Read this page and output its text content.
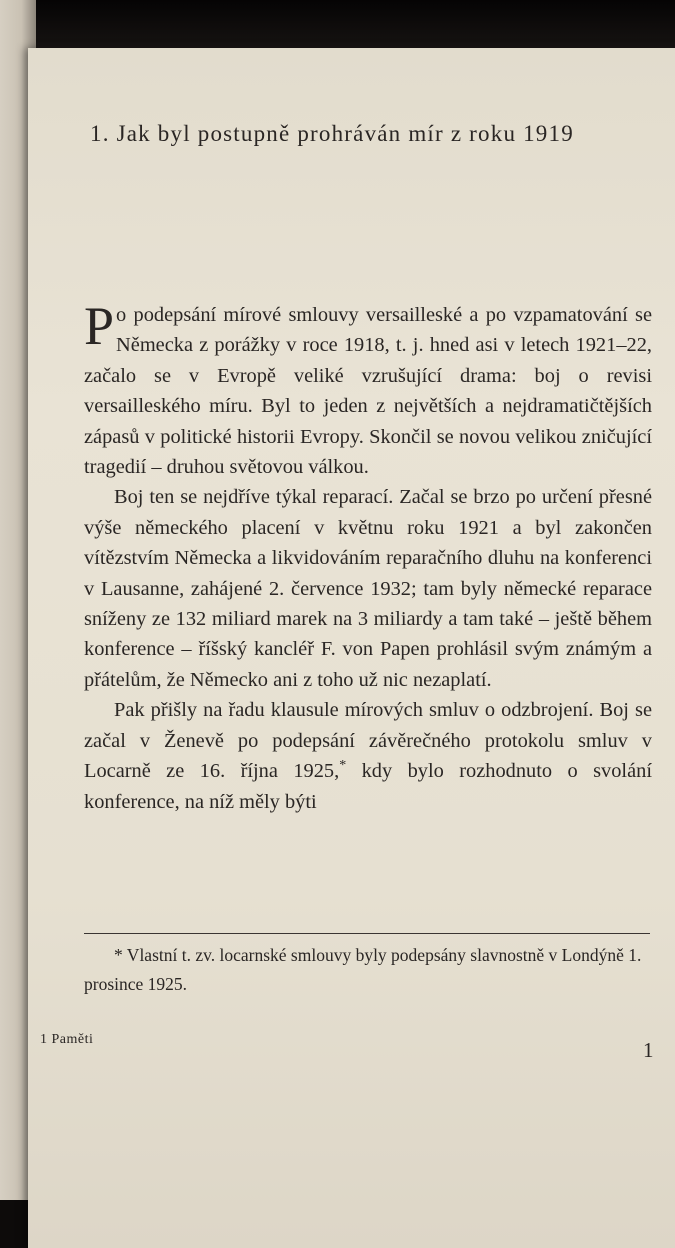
1. Jak byl postupně prohráván mír z roku 1919

Po podepsání mírové smlouvy versailleské a po vzpamatování se Německa z porážky v roce 1918, t. j. hned asi v letech 1921–22, začalo se v Evropě veliké vzrušující drama: boj o revisi versailleského míru. Byl to jeden z největších a nejdramatičtějších zápasů v politické historii Evropy. Skončil se novou velikou zničující tragedií – druhou světovou válkou.

Boj ten se nejdříve týkal reparací. Začal se brzo po určení přesné výše německého placení v květnu roku 1921 a byl zakončen vítězstvím Německa a likvidováním reparačního dluhu na konferenci v Lausanne, zahájené 2. července 1932; tam byly německé reparace sníženy ze 132 miliard marek na 3 miliardy a tam také – ještě během konference – říšský kancléř F. von Papen prohlásil svým známým a přátelům, že Německo ani z toho už nic nezaplatí.

Pak přišly na řadu klausule mírových smluv o odzbrojení. Boj se začal v Ženevě po podepsání závěrečného protokolu smluv v Locarně ze 16. října 1925,* kdy bylo rozhodnuto o svolání konference, na níž měly býti

* Vlastní t. zv. locarnské smlouvy byly podepsány slavnostně v Londýně 1. prosince 1925.

1 Paměti	1
